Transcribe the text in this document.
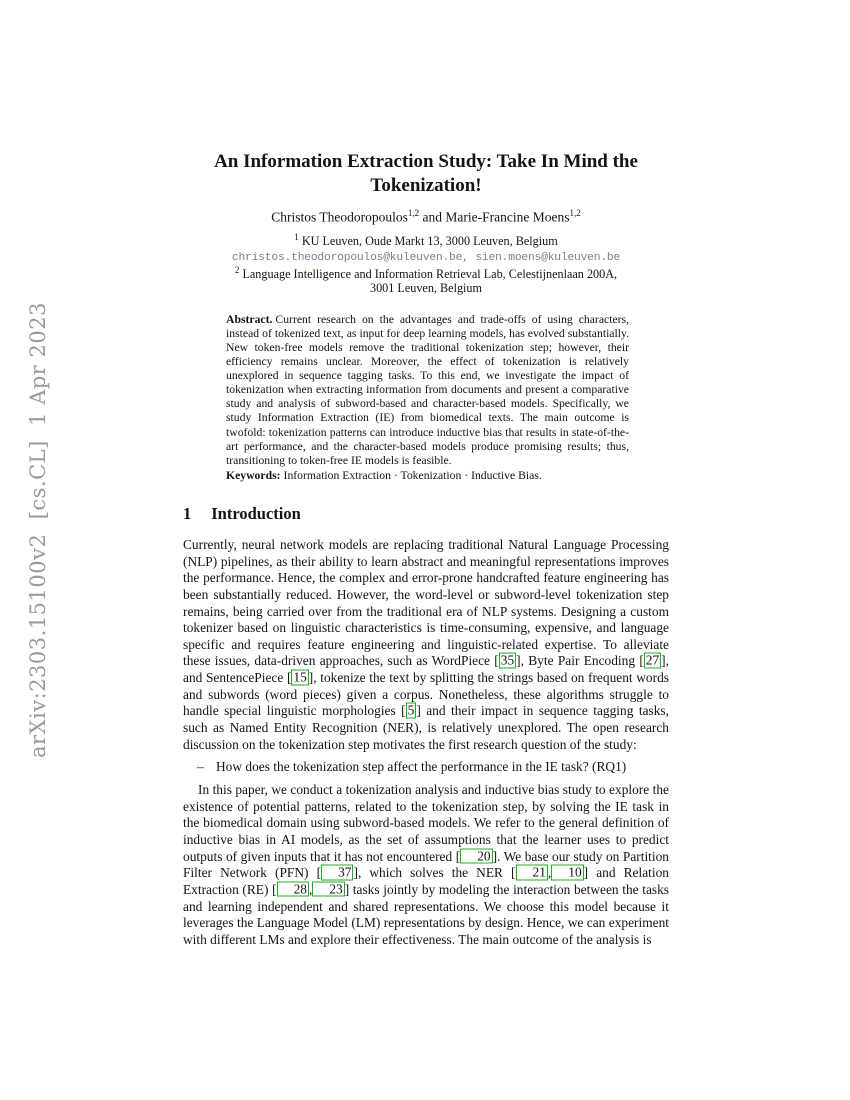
arXiv:2303.15100v2  [cs.CL]  1 Apr 2023
An Information Extraction Study: Take In Mind the
Tokenization!
Christos Theodoropoulos$^{1,2}$ and Marie-Francine Moens$^{1,2}$

$^1$ KU Leuven, Oude Markt 13, 3000 Leuven, Belgium

christos.theodoropoulos@kuleuven.be, sien.moens@kuleuven.be

$^2$ Language Intelligence and Information Retrieval Lab, Celestijnenlaan 200A,
3001 Leuven, Belgium

Abstract. Current research on the advantages and trade-offs of using characters, instead of tokenized text, as input for deep learning models, has evolved substantially. New token-free models remove the traditional tokenization step; however, their efficiency remains unclear. Moreover, the effect of tokenization is relatively unexplored in sequence tagging tasks. To this end, we investigate the impact of tokenization when extracting information from documents and present a comparative study and analysis of subword-based and character-based models. Specifically, we study Information Extraction (IE) from biomedical texts. The main outcome is twofold: tokenization patterns can introduce inductive bias that results in state-of-the-art performance, and the character-based models produce promising results; thus, transitioning to token-free IE models is feasible.

Keywords: Information Extraction · Tokenization · Inductive Bias.

1 Introduction

Currently, neural network models are replacing traditional Natural Language Processing (NLP) pipelines, as their ability to learn abstract and meaningful representations improves the performance. Hence, the complex and error-prone handcrafted feature engineering has been substantially reduced. However, the word-level or subword-level tokenization step remains, being carried over from the traditional era of NLP systems. Designing a custom tokenizer based on linguistic characteristics is time-consuming, expensive, and language specific and requires feature engineering and linguistic-related expertise. To alleviate these issues, data-driven approaches, such as WordPiece [ 35 ], Byte Pair Encoding [ 27 ], and SentencePiece [ 15 ], tokenize the text by splitting the strings based on frequent words and subwords (word pieces) given a corpus. Nonetheless, these algorithms struggle to handle special linguistic morphologies [ 5 ] and their impact in sequence tagging tasks, such as Named Entity Recognition (NER), is relatively unexplored. The open research discussion on the tokenization step motivates the first research question of the study:

– How does the tokenization step affect the performance in the IE task? (RQ1)

In this paper, we conduct a tokenization analysis and inductive bias study to explore the existence of potential patterns, related to the tokenization step, by solving the IE task in the biomedical domain using subword-based models. We refer to the general definition of inductive bias in AI models, as the set of assumptions that the learner uses to predict outputs of given inputs that it has not encountered [ 20 ]. We base our study on Partition Filter Network (PFN) [ 37 ], which solves the NER [ 21 , 10 ] and Relation Extraction (RE) [ 28 , 23 ] tasks jointly by modeling the interaction between the tasks and learning independent and shared representations. We choose this model because it leverages the Language Model (LM) representations by design. Hence, we can experiment with different LMs and explore their effectiveness. The main outcome of the analysis is
